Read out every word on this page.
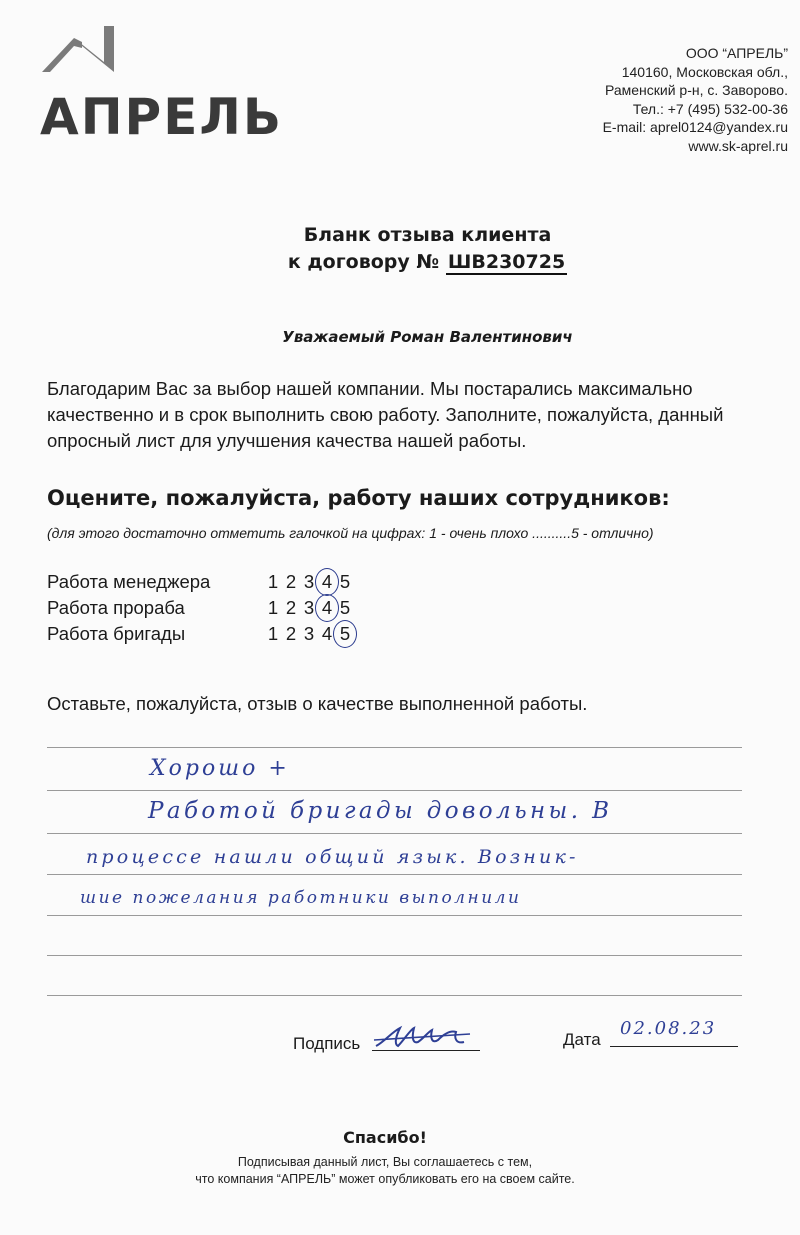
АПРЕЛЬ
ООО “АПРЕЛЬ”
140160, Московская обл.,
Раменский р-н, с. Заворово.
Тел.: +7 (495) 532-00-36
E-mail: aprel0124@yandex.ru
www.sk-aprel.ru
Бланк отзыва клиента
к договору № ШВ230725
Уважаемый Роман Валентинович
Благодарим Вас за выбор нашей компании. Мы постарались максимально качественно и в срок выполнить свою работу. Заполните, пожалуйста, данный опросный лист для улучшения качества нашей работы.
Оцените, пожалуйста, работу наших сотрудников:
(для этого достаточно отметить галочкой на цифрах: 1 - очень плохо ..........5 - отлично)
Работа менеджера	1 2 3 4 5
Работа прораба	1 2 3 4 5
Работа бригады	1 2 3 4 5
Оставьте, пожалуйста, отзыв о качестве выполненной работы.
Хорошо +
Работой бригады довольны. В
процессе нашли общий язык. Возник-
шие пожелания работники выполнили
Подпись	Дата
02.08.23
Спасибо!
Подписывая данный лист, Вы соглашаетесь с тем,
что компания “АПРЕЛЬ” может опубликовать его на своем сайте.
